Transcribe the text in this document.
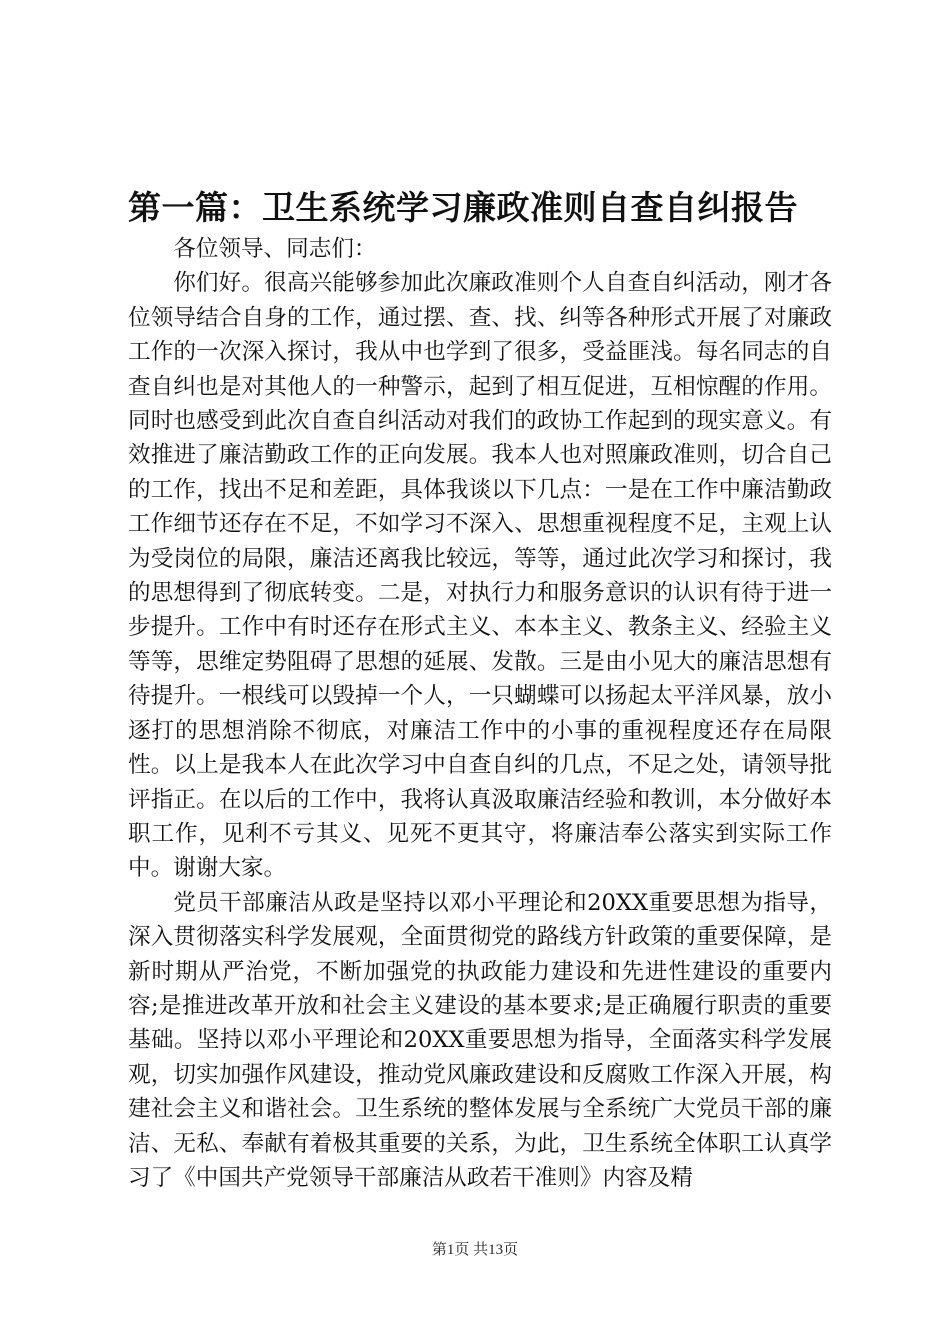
第一篇：卫生系统学习廉政准则自查自纠报告

各位领导、同志们：

你们好。很高兴能够参加此次廉政准则个人自查自纠活动，刚才各位领导结合自身的工作，通过摆、查、找、纠等各种形式开展了对廉政工作的一次深入探讨，我从中也学到了很多，受益匪浅。每名同志的自查自纠也是对其他人的一种警示，起到了相互促进，互相惊醒的作用。同时也感受到此次自查自纠活动对我们的政协工作起到的现实意义。有效推进了廉洁勤政工作的正向发展。我本人也对照廉政准则，切合自己的工作，找出不足和差距，具体我谈以下几点：一是在工作中廉洁勤政工作细节还存在不足，不如学习不深入、思想重视程度不足，主观上认为受岗位的局限，廉洁还离我比较远，等等，通过此次学习和探讨，我的思想得到了彻底转变。二是，对执行力和服务意识的认识有待于进一步提升。工作中有时还存在形式主义、本本主义、教条主义、经验主义等等，思维定势阻碍了思想的延展、发散。三是由小见大的廉洁思想有待提升。一根线可以毁掉一个人，一只蝴蝶可以扬起太平洋风暴，放小逐打的思想消除不彻底，对廉洁工作中的小事的重视程度还存在局限性。以上是我本人在此次学习中自查自纠的几点，不足之处，请领导批评指正。在以后的工作中，我将认真汲取廉洁经验和教训，本分做好本职工作，见利不亏其义、见死不更其守，将廉洁奉公落实到实际工作中。谢谢大家。

党员干部廉洁从政是坚持以邓小平理论和20XX重要思想为指导，深入贯彻落实科学发展观，全面贯彻党的路线方针政策的重要保障，是新时期从严治党，不断加强党的执政能力建设和先进性建设的重要内容;是推进改革开放和社会主义建设的基本要求;是正确履行职责的重要基础。坚持以邓小平理论和20XX重要思想为指导，全面落实科学发展观，切实加强作风建设，推动党风廉政建设和反腐败工作深入开展，构建社会主义和谐社会。卫生系统的整体发展与全系统广大党员干部的廉洁、无私、奉献有着极其重要的关系，为此，卫生系统全体职工认真学习了《中国共产党领导干部廉洁从政若干准则》内容及精

第1页 共13页
